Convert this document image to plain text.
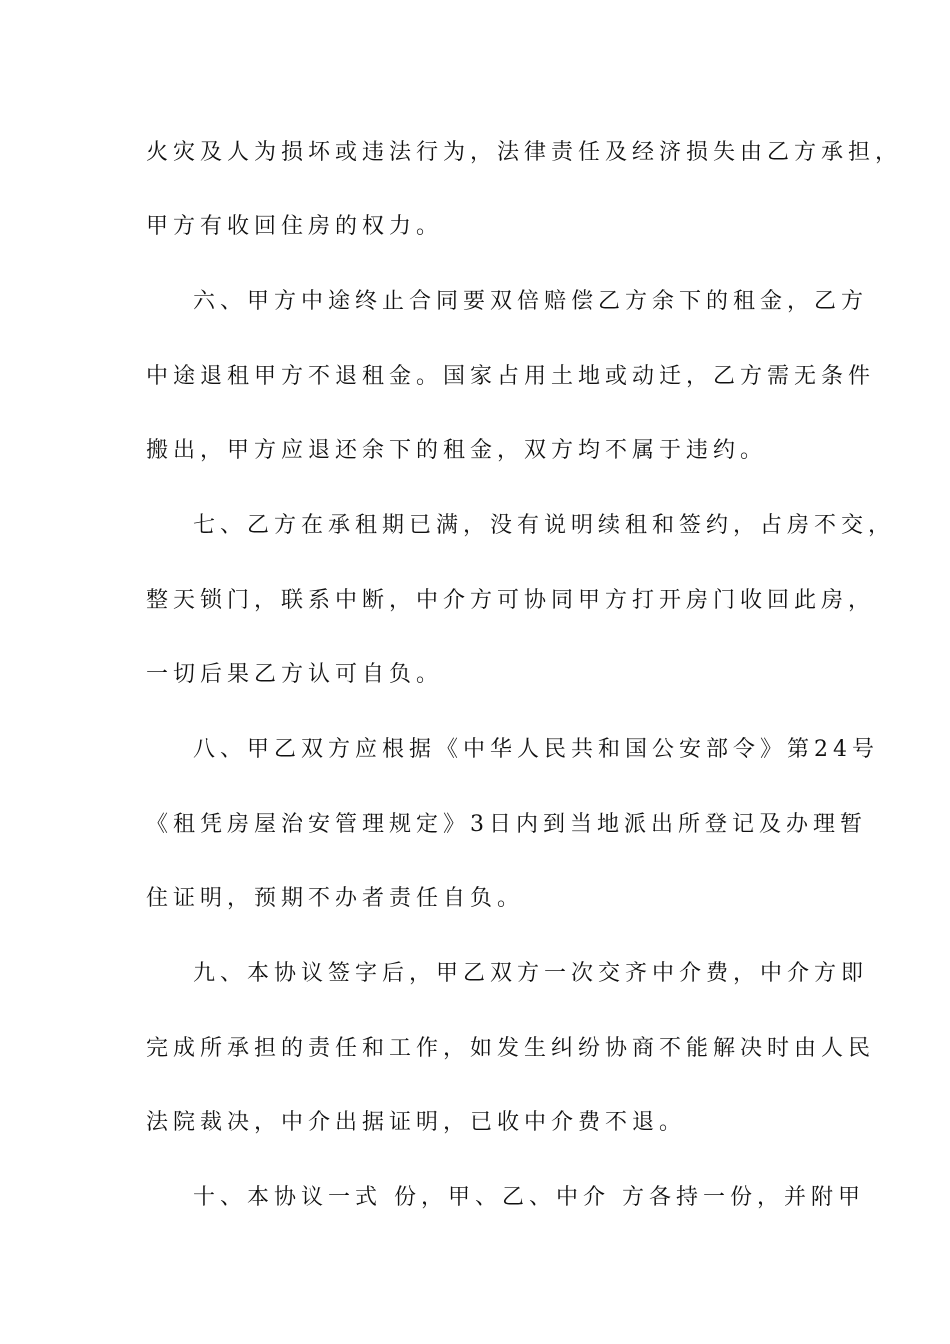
火灾及人为损坏或违法行为，法律责任及经济损失由乙方承担，
甲方有收回住房的权力。
六、甲方中途终止合同要双倍赔偿乙方余下的租金，乙方
中途退租甲方不退租金。国家占用土地或动迁，乙方需无条件
搬出，甲方应退还余下的租金，双方均不属于违约。
七、乙方在承租期已满，没有说明续租和签约，占房不交，
整天锁门，联系中断，中介方可协同甲方打开房门收回此房，
一切后果乙方认可自负。
八、甲乙双方应根据《中华人民共和国公安部令》第24号
《租凭房屋治安管理规定》3日内到当地派出所登记及办理暂
住证明，预期不办者责任自负。
九、本协议签字后，甲乙双方一次交齐中介费，中介方即
完成所承担的责任和工作，如发生纠纷协商不能解决时由人民
法院裁决，中介出据证明，已收中介费不退。
十、本协议一式 份，甲、乙、中介 方各持一份，并附甲
